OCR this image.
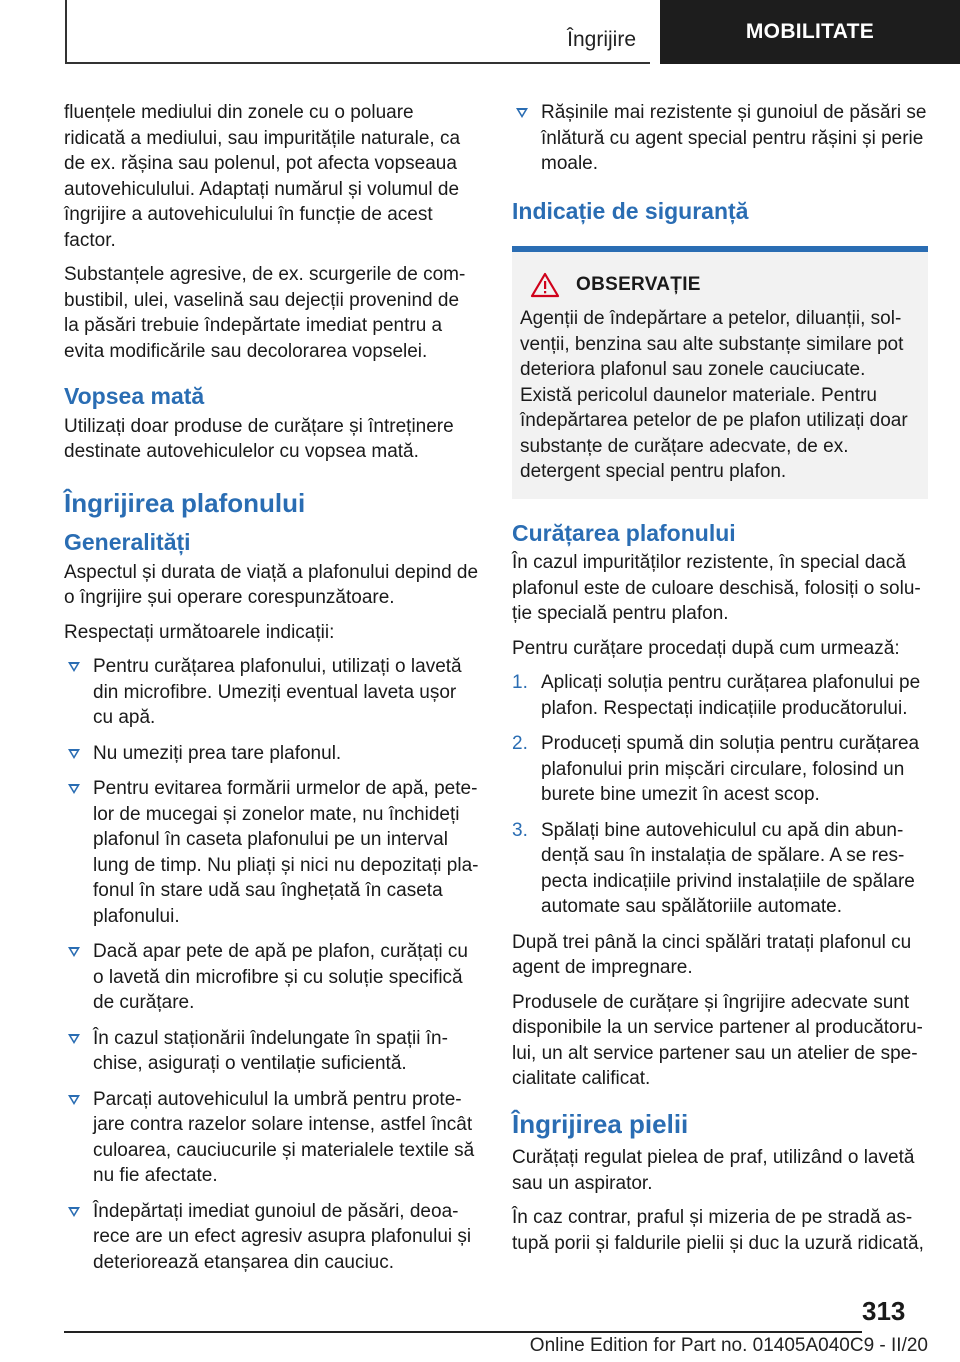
Îngrijire	MOBILITATE

fluențele mediului din zonele cu o poluare ridicată a mediului, sau impuritățile naturale, ca de ex. rășina sau polenul, pot afecta vopseaua autovehiculului. Adaptați numărul și volumul de îngrijire a autovehiculului în funcție de acest factor.

Substanțele agresive, de ex. scurgerile de combustibil, ulei, vaselină sau dejecții provenind de la păsări trebuie îndepărtate imediat pentru a evita modificările sau decolorarea vopselei.

Vopsea mată

Utilizați doar produse de curățare și întreținere destinate autovehiculelor cu vopsea mată.

Îngrijirea plafonului
Generalități

Aspectul și durata de viață a plafonului depind de o îngrijire șui operare corespunzătoare.

Respectați următoarele indicații:

Pentru curățarea plafonului, utilizați o lavetă din microfibre. Umeziți eventual laveta ușor cu apă.
Nu umeziți prea tare plafonul.
Pentru evitarea formării urmelor de apă, petelor de mucegai și zonelor mate, nu închideți plafonul în caseta plafonului pe un interval lung de timp. Nu pliați și nici nu depozitați plafonul în stare udă sau înghețată în caseta plafonului.
Dacă apar pete de apă pe plafon, curățați cu o lavetă din microfibre și cu soluție specifică de curățare.
În cazul staționării îndelungate în spații închise, asigurați o ventilație suficientă.
Parcați autovehiculul la umbră pentru protejare contra razelor solare intense, astfel încât culoarea, cauciucurile și materialele textile să nu fie afectate.
Îndepărtați imediat gunoiul de păsări, deoarece are un efect agresiv asupra plafonului și deteriorează etanșarea din cauciuc.
Rășinile mai rezistente și gunoiul de păsări se înlătură cu agent special pentru rășini și perie moale.
Indicație de siguranță
OBSERVAȚIE
Agenții de îndepărtare a petelor, diluanții, solvenții, benzina sau alte substanțe similare pot deteriora plafonul sau zonele cauciucate. Există pericolul daunelor materiale. Pentru îndepărtarea petelor de pe plafon utilizați doar substanțe de curățare adecvate, de ex. detergent special pentru plafon.
Curățarea plafonului

În cazul impurităților rezistente, în special dacă plafonul este de culoare deschisă, folosiți o soluție specială pentru plafon.

Pentru curățare procedați după cum urmează:

1. Aplicați soluția pentru curățarea plafonului pe plafon. Respectați indicațiile producătorului.
2. Produceți spumă din soluția pentru curățarea plafonului prin mișcări circulare, folosind un burete bine umezit în acest scop.
3. Spălați bine autovehiculul cu apă din abundență sau în instalația de spălare. A se respecta indicațiile privind instalațiile de spălare automate sau spălătoriile automate.

După trei până la cinci spălări tratați plafonul cu agent de impregnare.

Produsele de curățare și îngrijire adecvate sunt disponibile la un service partener al producătorului, un alt service partener sau un atelier de specialitate calificat.

Îngrijirea pielii

Curățați regulat pielea de praf, utilizând o lavetă sau un aspirator.

În caz contrar, praful și mizeria de pe stradă astupă porii și faldurile pielii și duc la uzură ridicată,

313
Online Edition for Part no. 01405A040C9 - II/20
